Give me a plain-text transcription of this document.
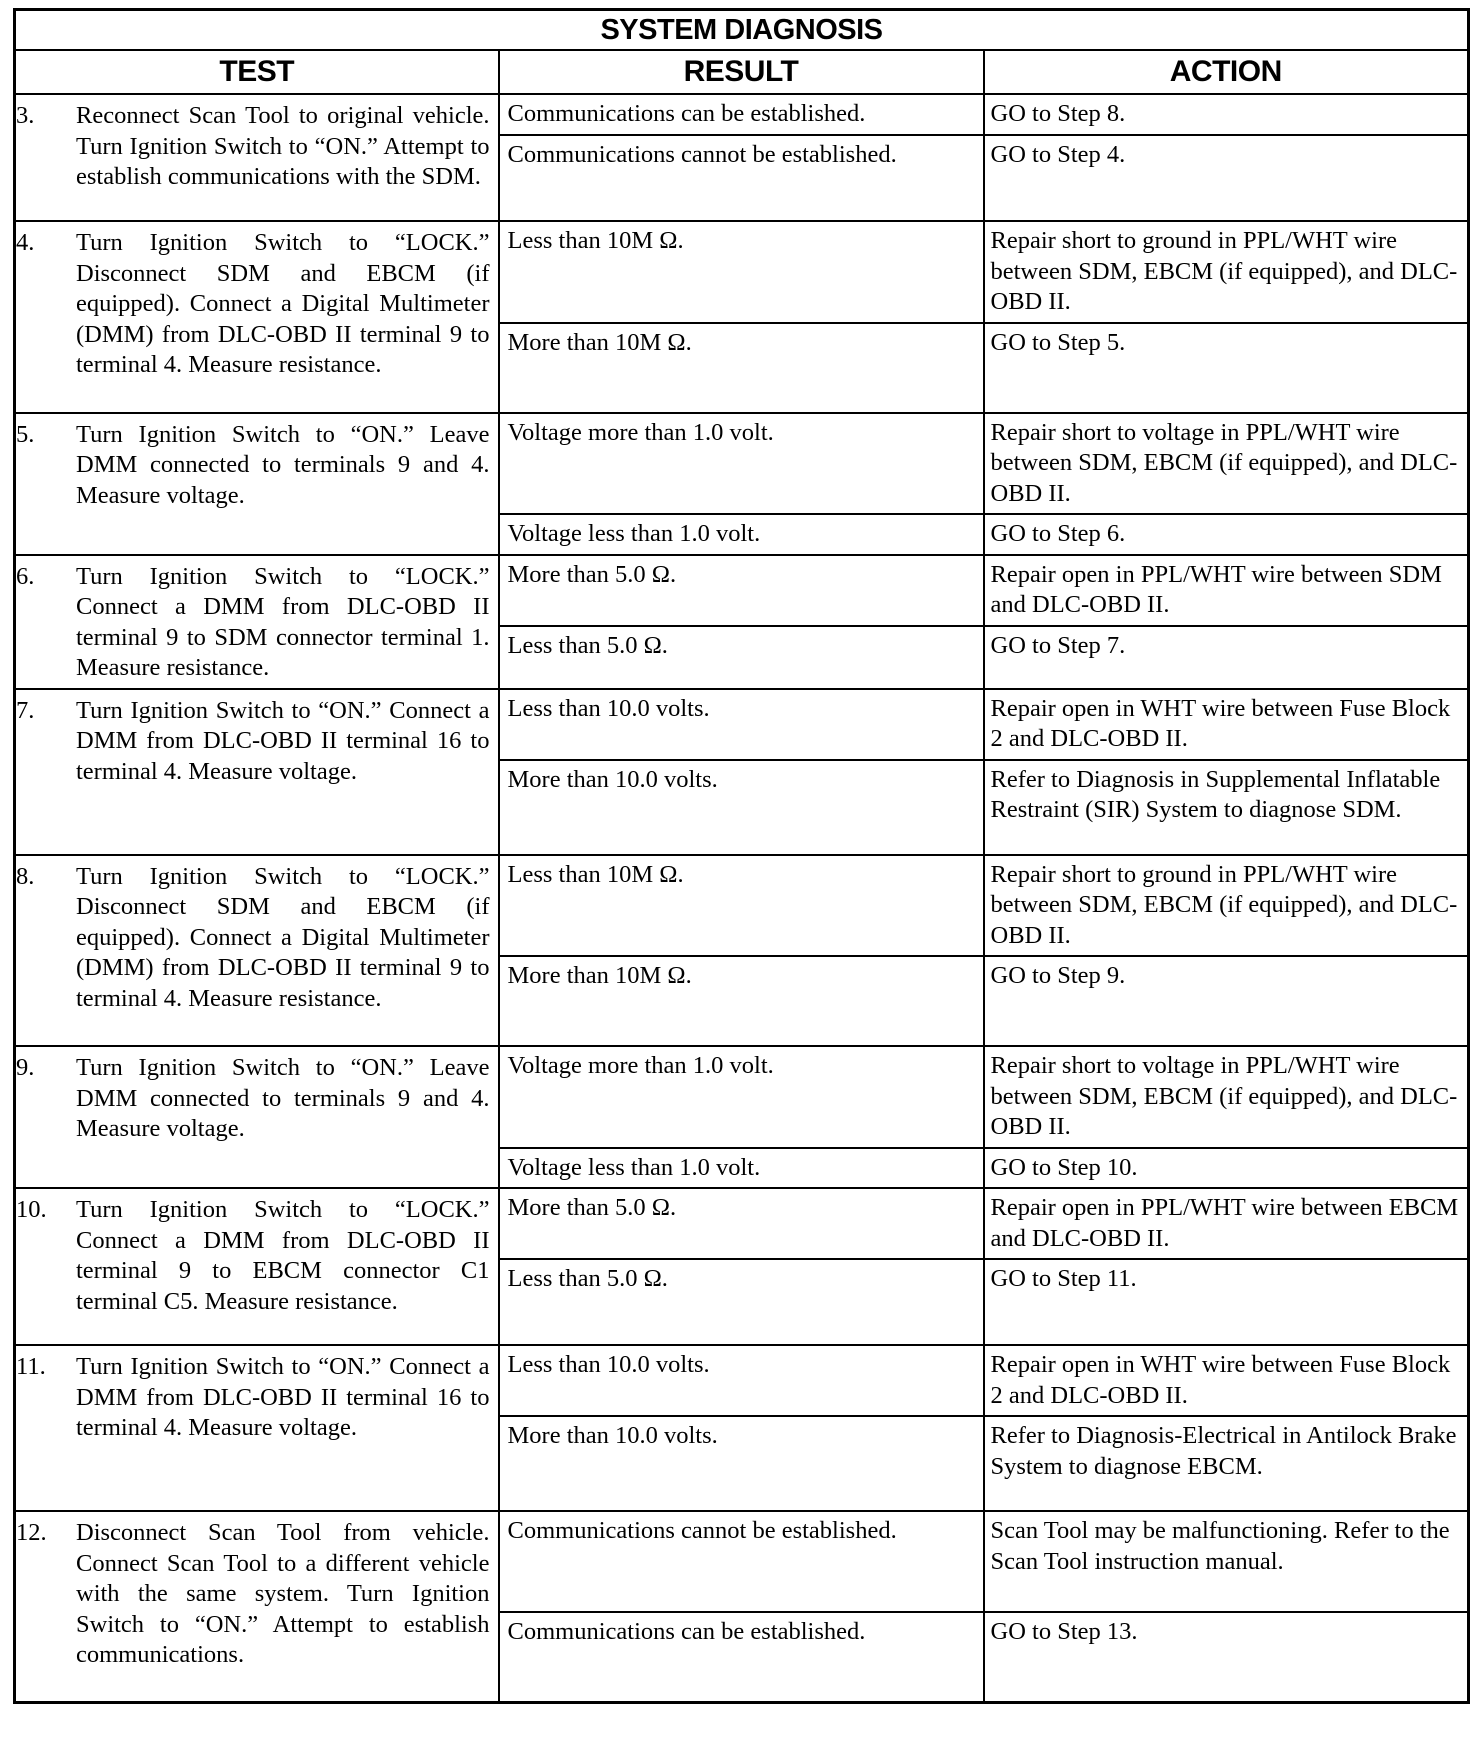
SYSTEM DIAGNOSIS		
TEST	RESULT	ACTION

3. Reconnect Scan Tool to original vehicle. Turn Ignition Switch to “ON.” Attempt to establish communications with the SDM.	Communications can be established.	GO to Step 8.
	Communications cannot be established.	GO to Step 4.

4. Turn Ignition Switch to “LOCK.” Disconnect SDM and EBCM (if equipped). Connect a Digital Multimeter (DMM) from DLC-OBD II terminal 9 to terminal 4. Measure resistance.	Less than 10M Ω.	Repair short to ground in PPL/WHT wire between SDM, EBCM (if equipped), and DLC-OBD II.
	More than 10M Ω.	GO to Step 5.

5. Turn Ignition Switch to “ON.” Leave DMM connected to terminals 9 and 4. Measure voltage.	Voltage more than 1.0 volt.	Repair short to voltage in PPL/WHT wire between SDM, EBCM (if equipped), and DLC-OBD II.
	Voltage less than 1.0 volt.	GO to Step 6.

6. Turn Ignition Switch to “LOCK.” Connect a DMM from DLC-OBD II terminal 9 to SDM connector terminal 1. Measure resistance.	More than 5.0 Ω.	Repair open in PPL/WHT wire between SDM and DLC-OBD II.
	Less than 5.0 Ω.	GO to Step 7.

7. Turn Ignition Switch to “ON.” Connect a DMM from DLC-OBD II terminal 16 to terminal 4. Measure voltage.	Less than 10.0 volts.	Repair open in WHT wire between Fuse Block 2 and DLC-OBD II.
	More than 10.0 volts.	Refer to Diagnosis in Supplemental Inflatable Restraint (SIR) System to diagnose SDM.

8. Turn Ignition Switch to “LOCK.” Disconnect SDM and EBCM (if equipped). Connect a Digital Multimeter (DMM) from DLC-OBD II terminal 9 to terminal 4. Measure resistance.	Less than 10M Ω.	Repair short to ground in PPL/WHT wire between SDM, EBCM (if equipped), and DLC-OBD II.
	More than 10M Ω.	GO to Step 9.

9. Turn Ignition Switch to “ON.” Leave DMM connected to terminals 9 and 4. Measure voltage.	Voltage more than 1.0 volt.	Repair short to voltage in PPL/WHT wire between SDM, EBCM (if equipped), and DLC-OBD II.
	Voltage less than 1.0 volt.	GO to Step 10.

10. Turn Ignition Switch to “LOCK.” Connect a DMM from DLC-OBD II terminal 9 to EBCM connector C1 terminal C5. Measure resistance.	More than 5.0 Ω.	Repair open in PPL/WHT wire between EBCM and DLC-OBD II.
	Less than 5.0 Ω.	GO to Step 11.

11. Turn Ignition Switch to “ON.” Connect a DMM from DLC-OBD II terminal 16 to terminal 4. Measure voltage.	Less than 10.0 volts.	Repair open in WHT wire between Fuse Block 2 and DLC-OBD II.
	More than 10.0 volts.	Refer to Diagnosis-Electrical in Antilock Brake System to diagnose EBCM.

12. Disconnect Scan Tool from vehicle. Connect Scan Tool to a different vehicle with the same system. Turn Ignition Switch to “ON.” Attempt to establish communications.	Communications cannot be established.	Scan Tool may be malfunctioning. Refer to the Scan Tool instruction manual.
	Communications can be established.	GO to Step 13.
